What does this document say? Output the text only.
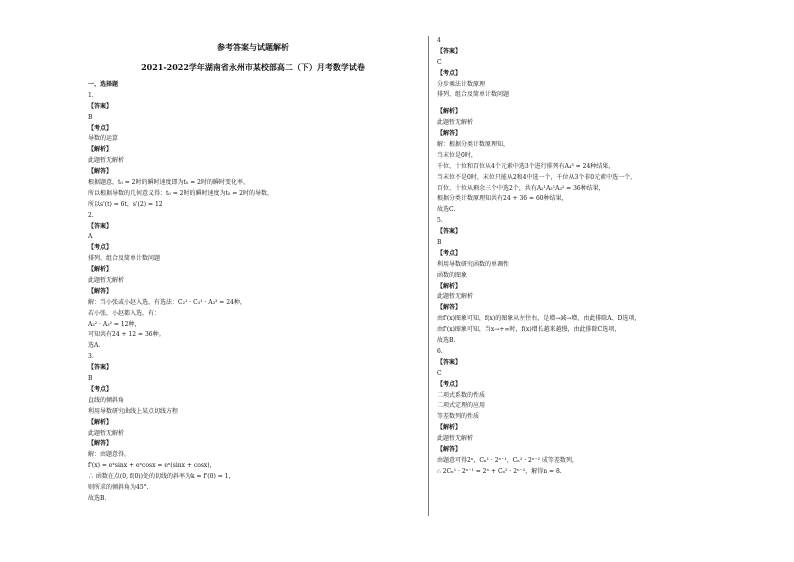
参考答案与试题解析
2021-2022学年湖南省永州市某校部高二（下）月考数学试卷
一、选择题
1.
【答案】
B
【考点】
导数的运算
【解析】
此题暂无解析
【解答】
根据题意，t₀ = 2时的瞬时速度即为t₀ = 2时的瞬时变化率，
所以根据导数的几何意义得：t₀ = 2时的瞬时速度为t₀ = 2时的导数，
所以s'(t) = 6t，s'(2) = 12
2.
【答案】
A
【考点】
排列、组合及简单计数问题
【解析】
此题暂无解析
【解答】
解：当小张或小赵入选，有选法：C₂¹ · C₃¹ · A₃³ = 24种，
若小张，小赵都入选，有：
A₂² · A₃² = 12种，
可知共有24 + 12 = 36种。
选A.
3.
【答案】
B
【考点】
直线的倾斜角
利用导数研究曲线上某点切线方程
【解析】
此题暂无解析
【解答】
解：由题意得，
f'(x) = eˣsinx + eˣcosx = eˣ(sinx + cosx)，
∴ 函数在点(0, f(0))处的切线的斜率为k = f'(0) = 1，
则所求的倾斜角为45°.
故选B.
4
【答案】
C
【考点】
分步乘法计数原理
排列、组合及简单计数问题
【解析】
此题暂无解析
【解答】
解：根据分类计数原理知，
当末位是0时，
千位、十位和百位从4个元素中选3个进行排列有A₄³ = 24种结果，
当末位不是0时，末位只能从2和4中选一个，千位从3个非0元素中选一个，
百位、十位从剩余三个中选2个，共有A₂¹A₃¹A₃² = 36种结果，
根据分类计数原理知共有24 + 36 = 60种结果，
故选C.
5.
【答案】
B
【考点】
利用导数研究函数的单调性
函数的图象
【解析】
此题暂无解析
【解答】
由f'(x)图象可知，f(x)的图象从左往右，是增→减→增，由此排除A、D选项，
由f'(x)图象可知，当x→+∞时，f(x)增长越来越慢，由此排除C选项，
故选B.
6.
【答案】
C
【考点】
二项式系数的性质
二项式定理的应用
等差数列的性质
【解析】
此题暂无解析
【解答】
由题意可得2ⁿ，Cₙ¹ · 2ⁿ⁻¹，Cₙ² · 2ⁿ⁻² 成等差数列，
∴ 2Cₙ¹ · 2ⁿ⁻¹ = 2ⁿ + Cₙ² · 2ⁿ⁻²，解得n = 8.
